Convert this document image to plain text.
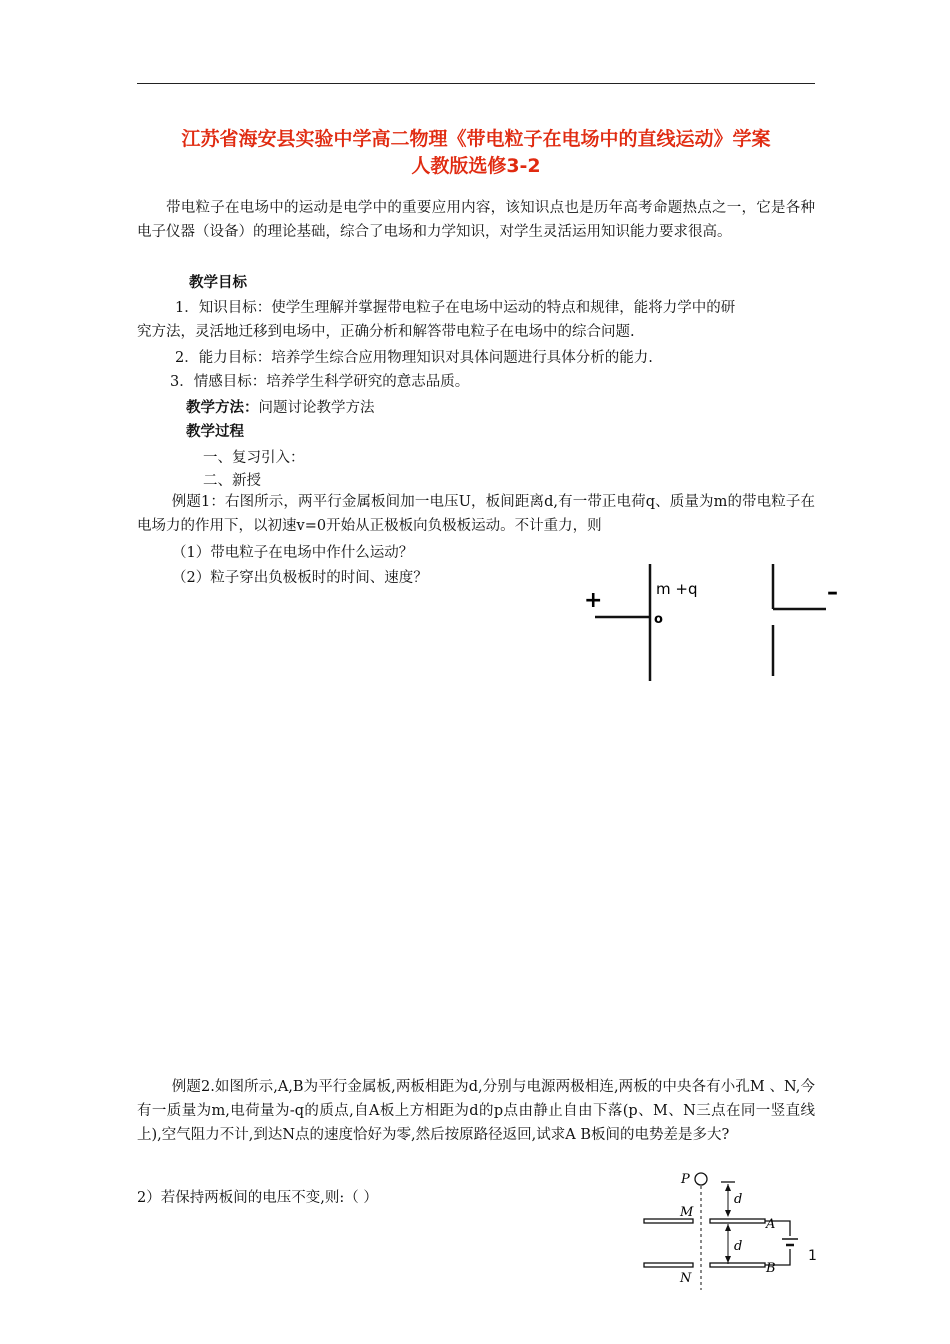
江苏省海安县实验中学高二物理《带电粒子在电场中的直线运动》学案
人教版选修3-2
带电粒子在电场中的运动是电学中的重要应用内容，该知识点也是历年高考命题热点之一，它是各种电子仪器（设备）的理论基础，综合了电场和力学知识，对学生灵活运用知识能力要求很高。
教学目标
1．知识目标：使学生理解并掌握带电粒子在电场中运动的特点和规律，能将力学中的研
究方法，灵活地迁移到电场中，正确分析和解答带电粒子在电场中的综合问题.
2．能力目标：培养学生综合应用物理知识对具体问题进行具体分析的能力.
3．情感目标：培养学生科学研究的意志品质。
教学方法：问题讨论教学方法
教学过程
一、复习引入：
二、新授
例题1：右图所示，两平行金属板间加一电压U，板间距离d,有一带正电荷q、质量为m的带电粒子在电场力的作用下，以初速v=0开始从正极板向负极板运动。不计重力，则
（1）带电粒子在电场中作什么运动？
（2）粒子穿出负极板时的时间、速度？
+	m +q
o
–
例题2.如图所示,A,B为平行金属板,两板相距为d,分别与电源两极相连,两板的中央各有小孔M 、N,今有一质量为m,电荷量为-q的质点,自A板上方相距为d的p点由静止自由下落(p、M、N三点在同一竖直线上),空气阻力不计,到达N点的速度恰好为零,然后按原路径返回,试求A B板间的电势差是多大?
2）若保持两板间的电压不变,则:（ ）
P
d
M
A
d
N
B
1
